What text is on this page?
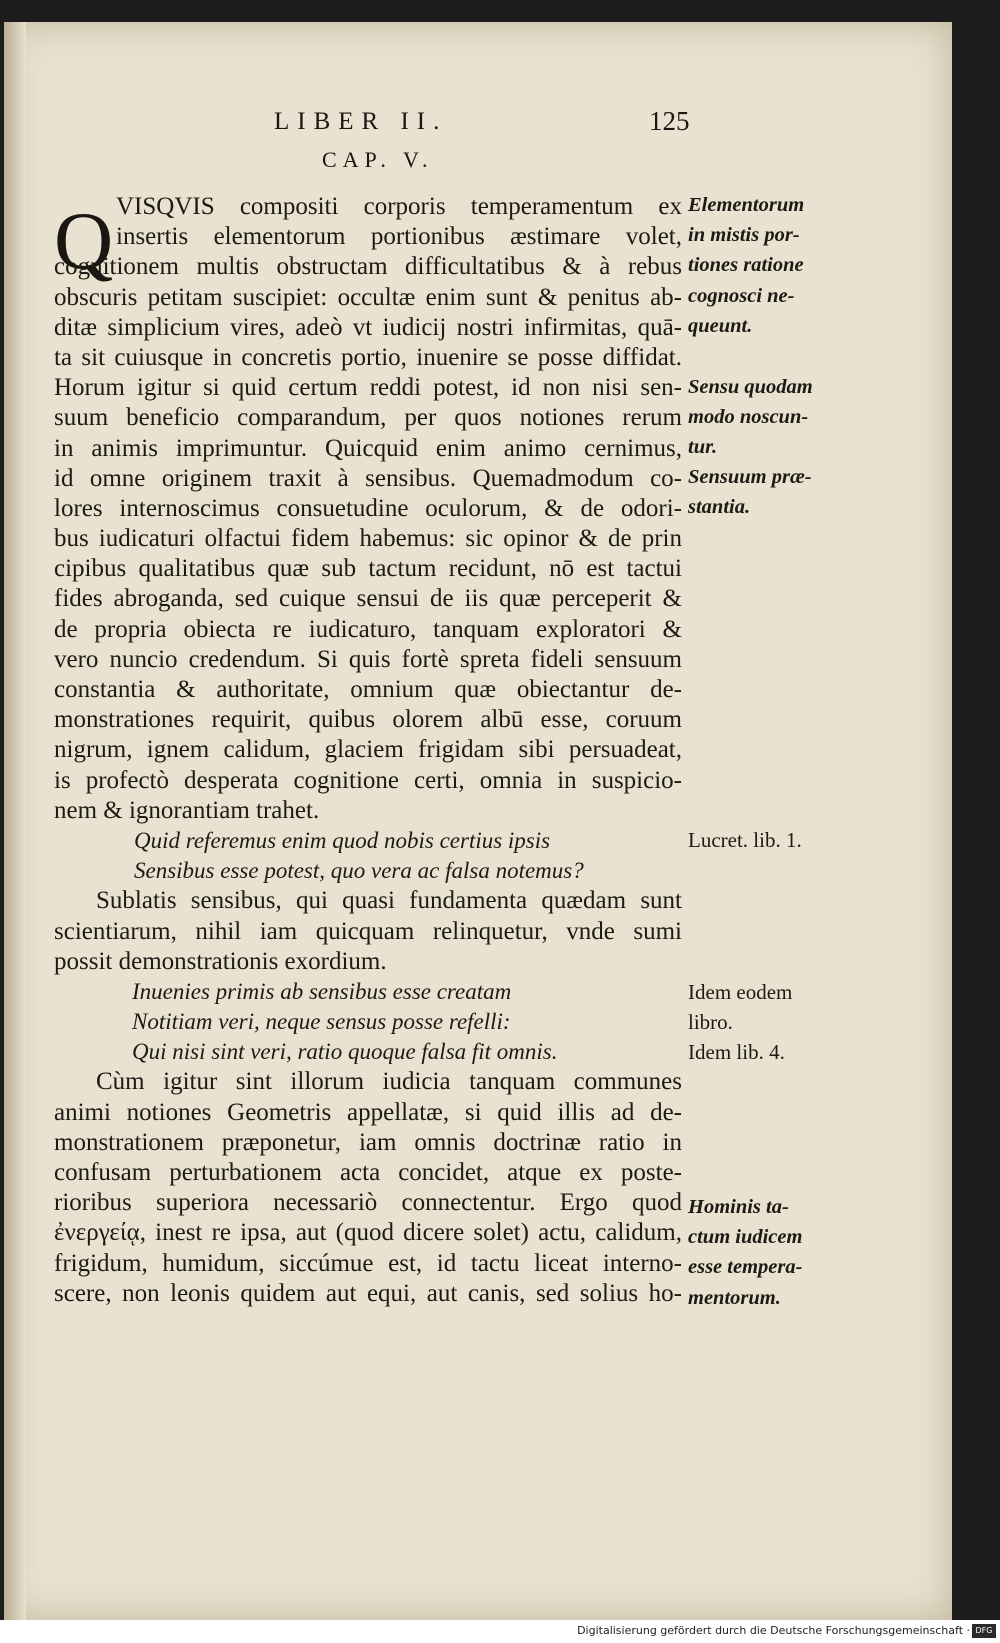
LIBER II.	125
CAP. V.
Q VISQVIS compositi corporis temperamentum ex
insertis elementorum portionibus æstimare volet,
cognitionem multis obstructam difficultatibus & à rebus
obscuris petitam suscipiet: occultæ enim sunt & penitus ab-
ditæ simplicium vires, adeò vt iudicij nostri infirmitas, quā-
ta sit cuiusque in concretis portio, inuenire se posse diffidat.
Horum igitur si quid certum reddi potest, id non nisi sen-
suum beneficio comparandum, per quos notiones rerum
in animis imprimuntur. Quicquid enim animo cernimus,
id omne originem traxit à sensibus. Quemadmodum co-
lores internoscimus consuetudine oculorum, & de odori-
bus iudicaturi olfactui fidem habemus: sic opinor & de prin
cipibus qualitatibus quæ sub tactum recidunt, nō est tactui
fides abroganda, sed cuique sensui de iis quæ perceperit &
de propria obiecta re iudicaturo, tanquam exploratori &
vero nuncio credendum. Si quis fortè spreta fideli sensuum
constantia & authoritate, omnium quæ obiectantur de-
monstrationes requirit, quibus olorem albū esse, coruum
nigrum, ignem calidum, glaciem frigidam sibi persuadeat,
is profectò desperata cognitione certi, omnia in suspicio-
nem & ignorantiam trahet.
Quid referemus enim quod nobis certius ipsis
Sensibus esse potest, quo vera ac falsa notemus?
Sublatis sensibus, qui quasi fundamenta quædam sunt
scientiarum, nihil iam quicquam relinquetur, vnde sumi
possit demonstrationis exordium.
Inuenies primis ab sensibus esse creatam
Notitiam veri, neque sensus posse refelli:
Qui nisi sint veri, ratio quoque falsa fit omnis.
Cùm igitur sint illorum iudicia tanquam communes
animi notiones Geometris appellatæ, si quid illis ad de-
monstrationem præponetur, iam omnis doctrinæ ratio in
confusam perturbationem acta concidet, atque ex poste-
rioribus superiora necessariò connectentur. Ergo quod
ἐνεργείᾳ, inest re ipsa, aut (quod dicere solet) actu, calidum,
frigidum, humidum, siccúmue est, id tactu liceat interno-
scere, non leonis quidem aut equi, aut canis, sed solius ho-
Elementorum
in mistis por-
tiones ratione
cognosci ne-
queunt.
Sensu quodam
modo noscun-
tur.
Sensuum præ-
stantia.
Lucret. lib. 1.
Idem eodem
libro.
Idem lib. 4.
Hominis ta-
ctum iudicem
esse tempera-
mentorum.
Digitalisierung gefördert durch die Deutsche Forschungsgemeinschaft · DFG
